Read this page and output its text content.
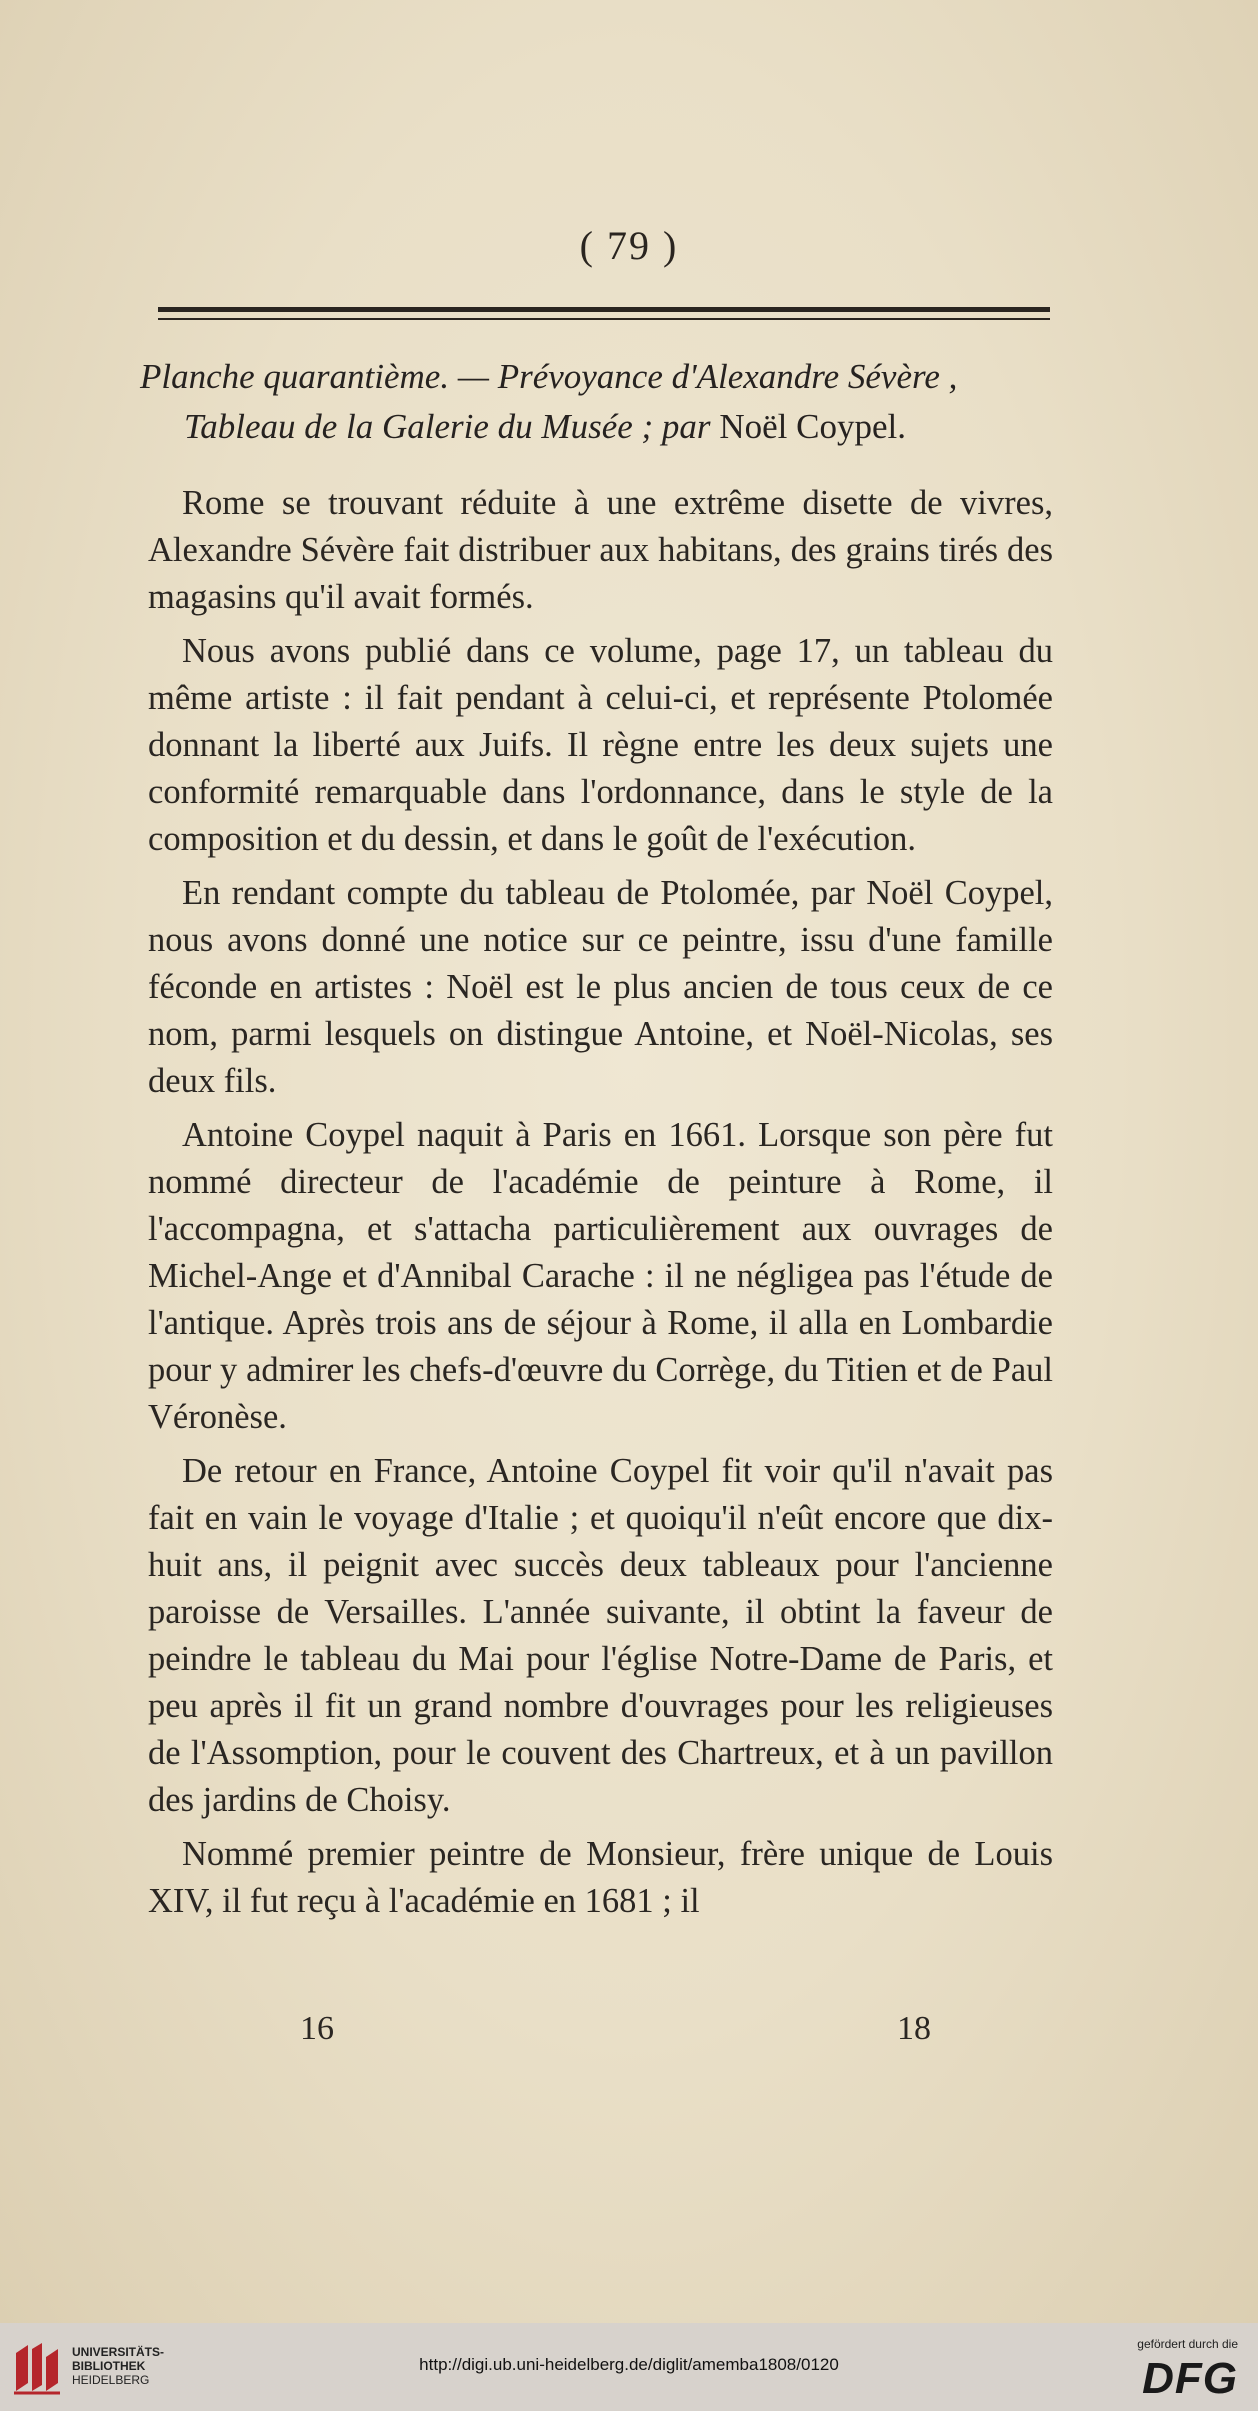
( 79 )
Planche quarantième. — Prévoyance d'Alexandre Sévère ,
Tableau de la Galerie du Musée ; par Noël Coypel.

Rome se trouvant réduite à une extrême disette de vivres, Alexandre Sévère fait distribuer aux habitans, des grains tirés des magasins qu'il avait formés.

Nous avons publié dans ce volume, page 17, un tableau du même artiste : il fait pendant à celui-ci, et représente Ptolomée donnant la liberté aux Juifs. Il règne entre les deux sujets une conformité remarquable dans l'ordonnance, dans le style de la composition et du dessin, et dans le goût de l'exécution.

En rendant compte du tableau de Ptolomée, par Noël Coypel, nous avons donné une notice sur ce peintre, issu d'une famille féconde en artistes : Noël est le plus ancien de tous ceux de ce nom, parmi lesquels on distingue Antoine, et Noël-Nicolas, ses deux fils.

Antoine Coypel naquit à Paris en 1661. Lorsque son père fut nommé directeur de l'académie de peinture à Rome, il l'accompagna, et s'attacha particulièrement aux ouvrages de Michel-Ange et d'Annibal Carache : il ne négligea pas l'étude de l'antique. Après trois ans de séjour à Rome, il alla en Lombardie pour y admirer les chefs-d'œuvre du Corrège, du Titien et de Paul Véronèse.

De retour en France, Antoine Coypel fit voir qu'il n'avait pas fait en vain le voyage d'Italie ; et quoiqu'il n'eût encore que dix-huit ans, il peignit avec succès deux tableaux pour l'ancienne paroisse de Versailles. L'année suivante, il obtint la faveur de peindre le tableau du Mai pour l'église Notre-Dame de Paris, et peu après il fit un grand nombre d'ouvrages pour les religieuses de l'Assomption, pour le couvent des Chartreux, et à un pavillon des jardins de Choisy.

Nommé premier peintre de Monsieur, frère unique de Louis XIV, il fut reçu à l'académie en 1681 ; il

16	18
UNIVERSITÄTS-
BIBLIOTHEK
HEIDELBERG
http://digi.ub.uni-heidelberg.de/diglit/amemba1808/0120
gefördert durch die
DFG
